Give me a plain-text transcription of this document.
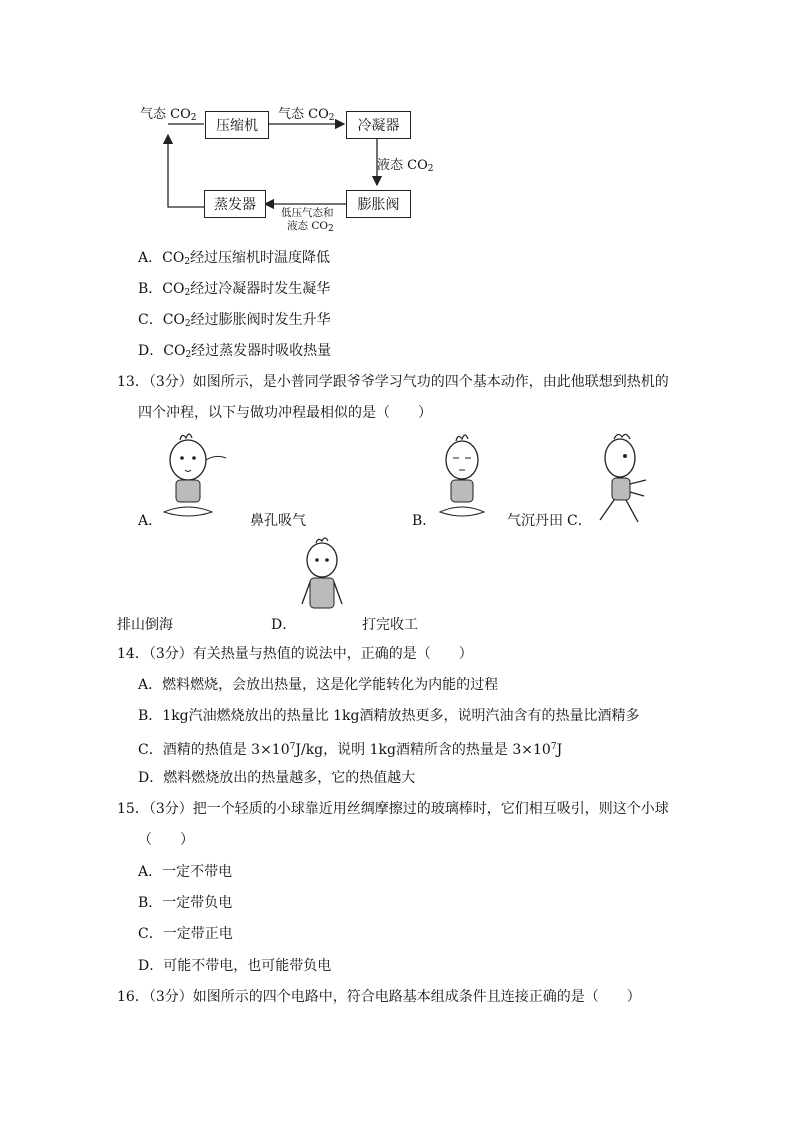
气态 $CO_2$	压缩机
气态 $CO_2$	冷凝器
液态 $CO_2$
膨胀阀
蒸发器	低压气态和
液态 $CO_2$
A．$CO_2$经过压缩机时温度降低
B．$CO_2$经过冷凝器时发生凝华
C．$CO_2$经过膨胀阀时发生升华
D．$CO_2$经过蒸发器时吸收热量
13．（3分）如图所示，是小普同学跟爷爷学习气功的四个基本动作，由此他联想到热机的
四个冲程，以下与做功冲程最相似的是（　　）
A．	鼻孔吸气	B．	气沉丹田 C．
排山倒海	D．	打完收工
14．（3分）有关热量与热值的说法中，正确的是（　　）
A．燃料燃烧，会放出热量，这是化学能转化为内能的过程
B．1kg汽油燃烧放出的热量比 1kg酒精放热更多，说明汽油含有的热量比酒精多
C．酒精的热值是 $3\times 10^7J/kg$，说明 1kg酒精所含的热量是 $3\times 10^7J$
D．燃料燃烧放出的热量越多，它的热值越大
15．（3分）把一个轻质的小球靠近用丝绸摩擦过的玻璃棒时，它们相互吸引，则这个小球
（　　）
A．一定不带电
B．一定带负电
C．一定带正电
D．可能不带电，也可能带负电
16．（3分）如图所示的四个电路中，符合电路基本组成条件且连接正确的是（　　）
